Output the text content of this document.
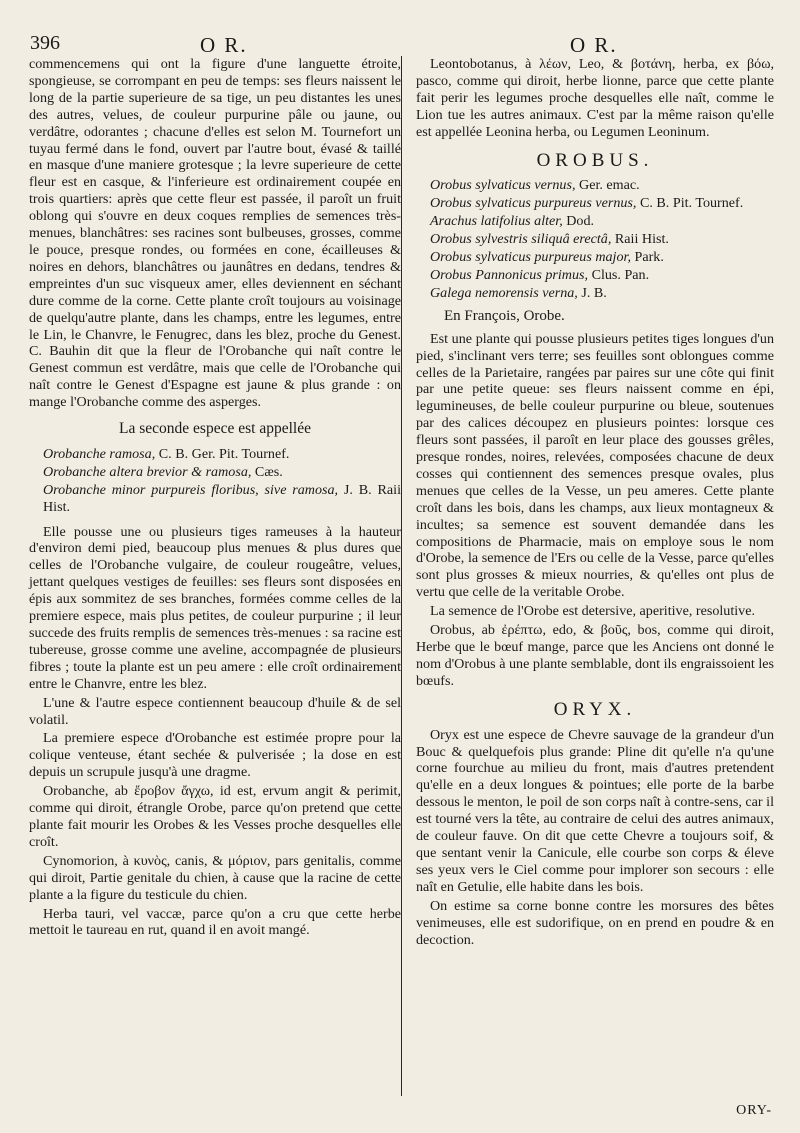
396	O R.	O R.

commencemens qui ont la figure d'une languette étroite, spongieuse, se corrompant en peu de temps: ses fleurs naissent le long de la partie superieure de sa tige, un peu distantes les unes des autres, velues, de couleur purpurine pâle ou jaune, ou verdâtre, odorantes ; chacune d'elles est selon M. Tournefort un tuyau fermé dans le fond, ouvert par l'autre bout, évasé & taillé en masque d'une maniere grotesque ; la levre superieure de cette fleur est en casque, & l'inferieure est ordinairement coupée en trois quartiers: après que cette fleur est passée, il paroît un fruit oblong qui s'ouvre en deux coques remplies de semences très-menues, blanchâtres: ses racines sont bulbeuses, grosses, comme le pouce, presque rondes, ou formées en cone, écailleuses & noires en dehors, blanchâtres ou jaunâtres en dedans, tendres & empreintes d'un suc visqueux amer, elles deviennent en séchant dure comme de la corne. Cette plante croît toujours au voisinage de quelqu'autre plante, dans les champs, entre les legumes, entre le Lin, le Chanvre, le Fenugrec, dans les blez, proche du Genest. C. Bauhin dit que la fleur de l'Orobanche qui naît contre le Genest commun est verdâtre, mais que celle de l'Orobanche qui naît contre le Genest d'Espagne est jaune & plus grande : on mange l'Orobanche comme des asperges.

La seconde espece est appellée

Orobanche ramosa, C. B. Ger. Pit. Tournef.

Orobanche altera brevior & ramosa, Cæs.

Orobanche minor purpureis floribus, sive ramosa, J. B. Raii Hist.

Elle pousse une ou plusieurs tiges rameuses à la hauteur d'environ demi pied, beaucoup plus menues & plus dures que celles de l'Orobanche vulgaire, de couleur rougeâtre, velues, jettant quelques vestiges de feuilles: ses fleurs sont disposées en épis aux sommitez de ses branches, formées comme celles de la premiere espece, mais plus petites, de couleur purpurine ; il leur succede des fruits remplis de semences très-menues : sa racine est tubereuse, grosse comme une aveline, accompagnée de plusieurs fibres ; toute la plante est un peu amere : elle croît ordinairement entre le Chanvre, entre les blez.

L'une & l'autre espece contiennent beaucoup d'huile & de sel volatil.

La premiere espece d'Orobanche est estimée propre pour la colique venteuse, étant sechée & pulverisée ; la dose en est depuis un scrupule jusqu'à une dragme.

Orobanche, ab ἔροβον ἄγχω, id est, ervum angit & perimit, comme qui diroit, étrangle Orobe, parce qu'on pretend que cette plante fait mourir les Orobes & les Vesses proche desquelles elle croît.

Cynomorion, à κυνὸς, canis, & μόριον, pars genitalis, comme qui diroit, Partie genitale du chien, à cause que la racine de cette plante a la figure du testicule du chien.

Herba tauri, vel vaccæ, parce qu'on a cru que cette herbe mettoit le taureau en rut, quand il en avoit mangé.

Leontobotanus, à λέων, Leo, & βοτάνη, herba, ex βόω, pasco, comme qui diroit, herbe lionne, parce que cette plante fait perir les legumes proche desquelles elle naît, comme le Lion tue les autres animaux. C'est par la même raison qu'elle est appellée Leonina herba, ou Legumen Leoninum.

OROBUS.

Orobus sylvaticus vernus, Ger. emac.

Orobus sylvaticus purpureus vernus, C. B. Pit. Tournef.

Arachus latifolius alter, Dod.

Orobus sylvestris siliquâ erectâ, Raii Hist.

Orobus sylvaticus purpureus major, Park.

Orobus Pannonicus primus, Clus. Pan.

Galega nemorensis verna, J. B.

En François, Orobe.

Est une plante qui pousse plusieurs petites tiges longues d'un pied, s'inclinant vers terre; ses feuilles sont oblongues comme celles de la Parietaire, rangées par paires sur une côte qui finit par une petite queue: ses fleurs naissent comme en épi, legumineuses, de belle couleur purpurine ou bleue, soutenues par des calices découpez en plusieurs pointes: lorsque ces fleurs sont passées, il paroît en leur place des gousses grêles, presque rondes, noires, relevées, composées chacune de deux cosses qui contiennent des semences presque ovales, plus menues que celles de la Vesse, un peu ameres. Cette plante croît dans les bois, dans les champs, aux lieux montagneux & incultes; sa semence est souvent demandée dans les compositions de Pharmacie, mais on employe sous le nom d'Orobe, la semence de l'Ers ou celle de la Vesse, parce qu'elles sont plus grosses & mieux nourries, & qu'elles ont plus de vertu que celle de la veritable Orobe.

La semence de l'Orobe est detersive, aperitive, resolutive.

Orobus, ab ἐρέπτω, edo, & βοῦς, bos, comme qui diroit, Herbe que le bœuf mange, parce que les Anciens ont donné le nom d'Orobus à une plante semblable, dont ils engraissoient les bœufs.

ORYX.

Oryx est une espece de Chevre sauvage de la grandeur d'un Bouc & quelquefois plus grande: Pline dit qu'elle n'a qu'une corne fourchue au milieu du front, mais d'autres pretendent qu'elle en a deux longues & pointues; elle porte de la barbe dessous le menton, le poil de son corps naît à contre-sens, car il est tourné vers la tête, au contraire de celui des autres animaux, de couleur fauve. On dit que cette Chevre a toujours soif, & que sentant venir la Canicule, elle courbe son corps & éleve ses yeux vers le Ciel comme pour implorer son secours : elle naît en Getulie, elle habite dans les bois.

On estime sa corne bonne contre les morsures des bêtes venimeuses, elle est sudorifique, on en prend en poudre & en decoction.

ORY-
